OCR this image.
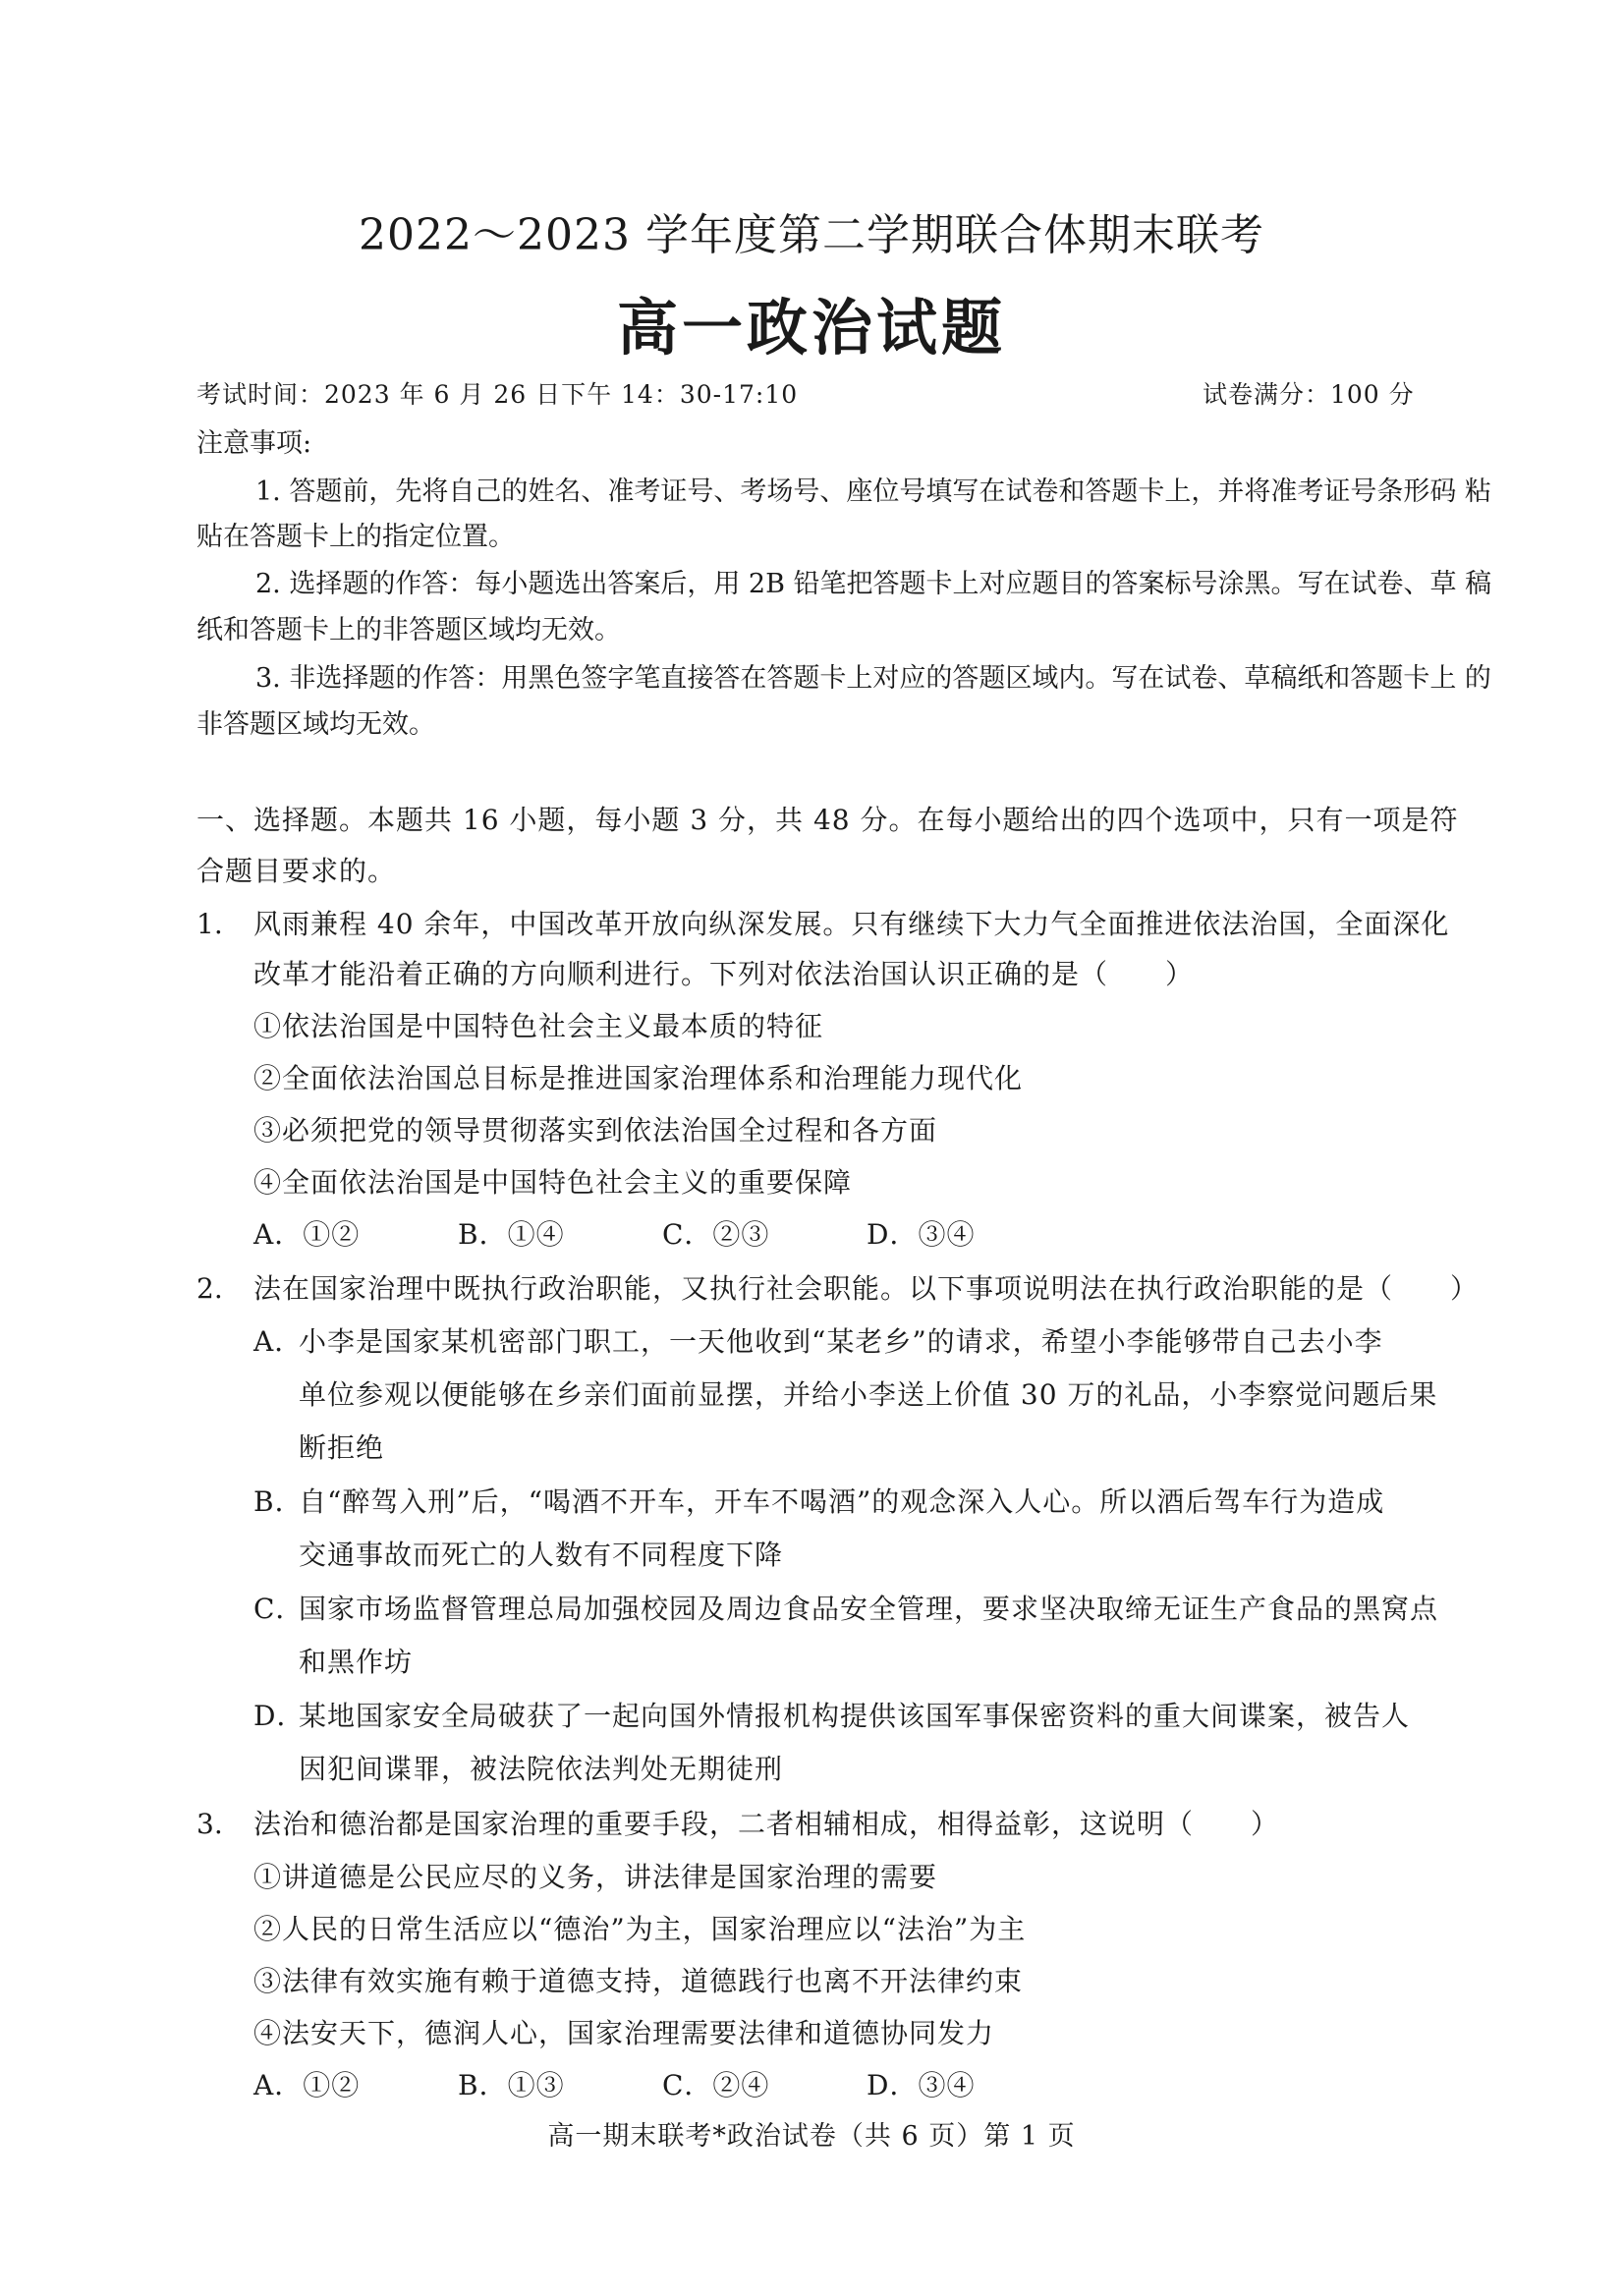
2022～2023 学年度第二学期联合体期末联考
高一政治试题
考试时间：2023 年 6 月 26 日下午 14：30-17:10	试卷满分：100 分
注意事项:
1. 答题前，先将自己的姓名、准考证号、考场号、座位号填写在试卷和答题卡上，并将准考证号条形码 粘
贴在答题卡上的指定位置。
2. 选择题的作答：每小题选出答案后，用 2B 铅笔把答题卡上对应题目的答案标号涂黑。写在试卷、草 稿
纸和答题卡上的非答题区域均无效。
3. 非选择题的作答：用黑色签字笔直接答在答题卡上对应的答题区域内。写在试卷、草稿纸和答题卡上 的
非答题区域均无效。
一、选择题。本题共 16 小题，每小题 3 分，共 48 分。在每小题给出的四个选项中，只有一项是符
合题目要求的。
1. 风雨兼程 40 余年，中国改革开放向纵深发展。只有继续下大力气全面推进依法治国，全面深化
改革才能沿着正确的方向顺利进行。下列对依法治国认识正确的是（　　）
①依法治国是中国特色社会主义最本质的特征
②全面依法治国总目标是推进国家治理体系和治理能力现代化
③必须把党的领导贯彻落实到依法治国全过程和各方面
④全面依法治国是中国特色社会主义的重要保障
A．①②	B．①④	C．②③	D．③④
2. 法在国家治理中既执行政治职能，又执行社会职能。以下事项说明法在执行政治职能的是（　　）
A．
小李是国家某机密部门职工，一天他收到“某老乡”的请求，希望小李能够带自己去小李
单位参观以便能够在乡亲们面前显摆，并给小李送上价值 30 万的礼品，小李察觉问题后果
断拒绝
B．
自“醉驾入刑”后，“喝酒不开车，开车不喝酒”的观念深入人心。所以酒后驾车行为造成
交通事故而死亡的人数有不同程度下降
C．
国家市场监督管理总局加强校园及周边食品安全管理，要求坚决取缔无证生产食品的黑窝点
和黑作坊
D．
某地国家安全局破获了一起向国外情报机构提供该国军事保密资料的重大间谍案，被告人
因犯间谍罪，被法院依法判处无期徒刑
3. 法治和德治都是国家治理的重要手段，二者相辅相成，相得益彰，这说明（　　）
①讲道德是公民应尽的义务，讲法律是国家治理的需要
②人民的日常生活应以“德治”为主，国家治理应以“法治”为主
③法律有效实施有赖于道德支持，道德践行也离不开法律约束
④法安天下，德润人心，国家治理需要法律和道德协同发力
A．①②	B．①③	C．②④	D．③④
高一期末联考*政治试卷（共 6 页）第 1 页
